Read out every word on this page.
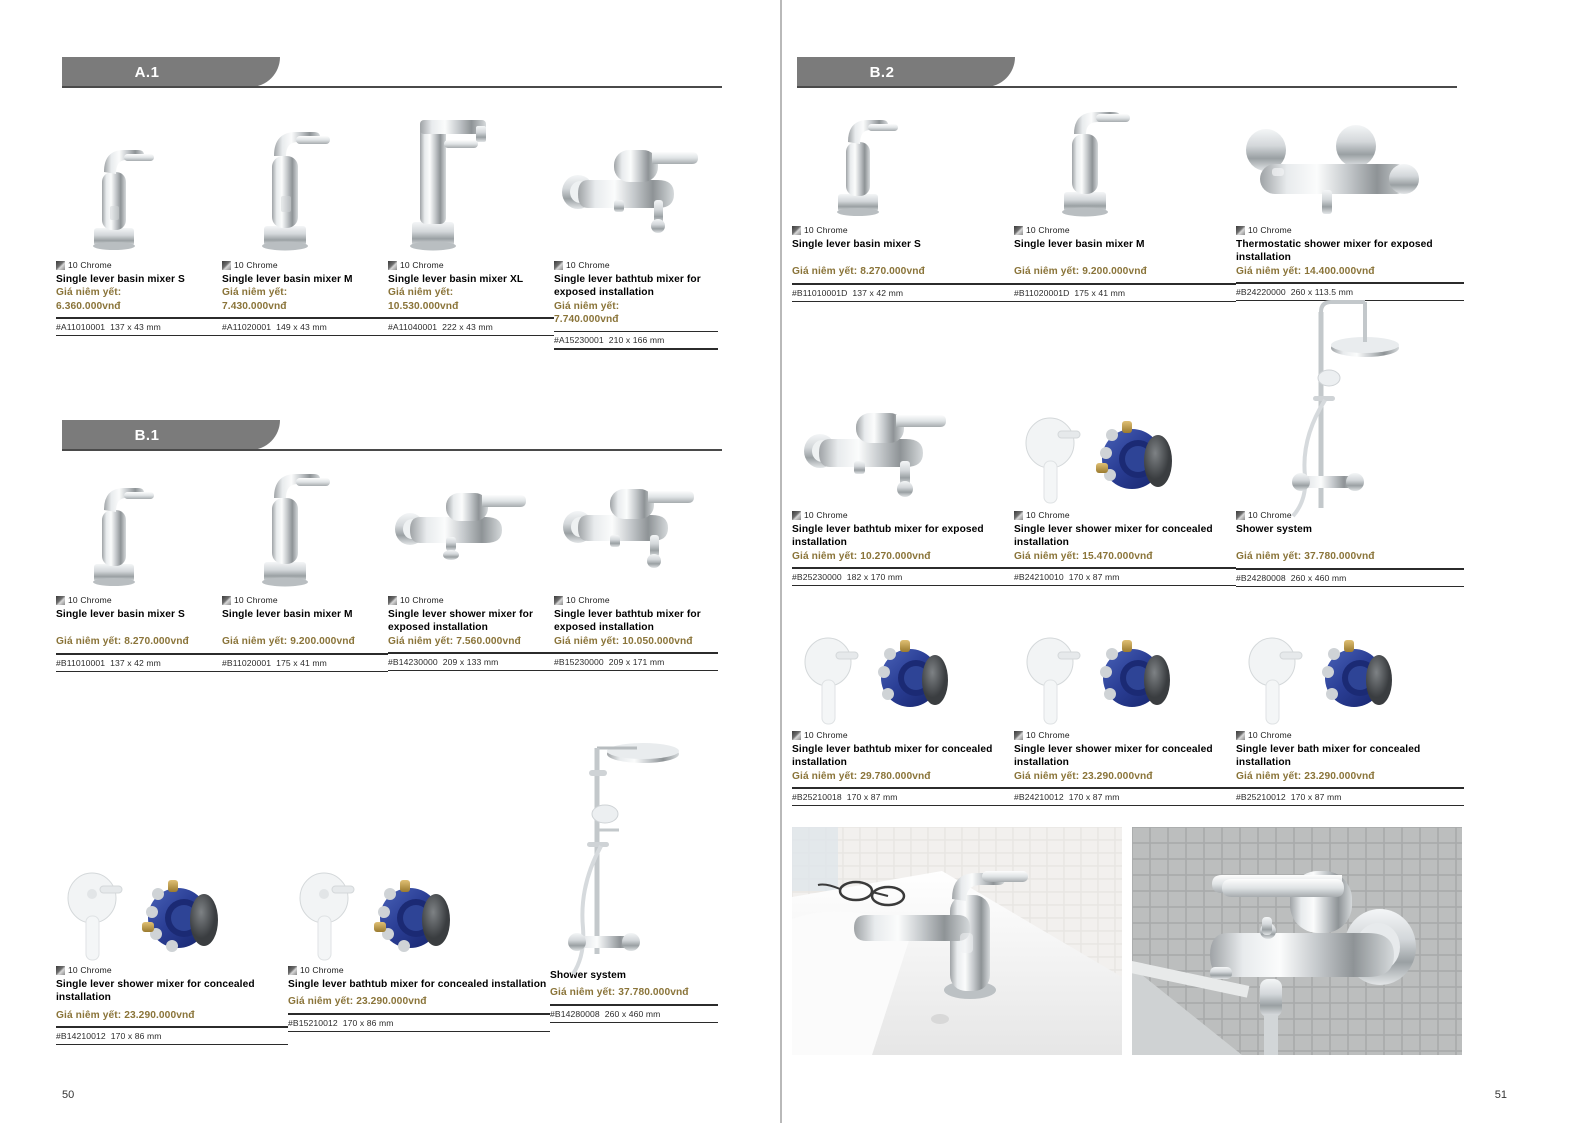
A.1
10 Chrome
Single lever basin mixer S
Giá niêm yết:
6.360.000vnđ
#A11010001 137 x 43 mm
10 Chrome
Single lever basin mixer M
Giá niêm yết:
7.430.000vnđ
#A11020001 149 x 43 mm
10 Chrome
Single lever basin mixer XL
Giá niêm yết:
10.530.000vnđ
#A11040001 222 x 43 mm
10 Chrome
Single lever bathtub mixer for exposed installation
Giá niêm yết:
7.740.000vnđ
#A15230001 210 x 166 mm
B.1
10 Chrome
Single lever basin mixer S
Giá niêm yết: 8.270.000vnđ
#B11010001 137 x 42 mm
10 Chrome
Single lever basin mixer M
Giá niêm yết: 9.200.000vnđ
#B11020001 175 x 41 mm
10 Chrome
Single lever shower mixer for exposed installation
Giá niêm yết: 7.560.000vnđ
#B14230000 209 x 133 mm
10 Chrome
Single lever bathtub mixer for exposed installation
Giá niêm yết: 10.050.000vnđ
#B15230000 209 x 171 mm
10 Chrome
Single lever shower mixer for concealed installation
Giá niêm yết: 23.290.000vnđ
#B14210012 170 x 86 mm
10 Chrome
Single lever bathtub mixer for concealed installation
Giá niêm yết: 23.290.000vnđ
#B15210012 170 x 86 mm
Shower system
Giá niêm yết: 37.780.000vnđ
#B14280008 260 x 460 mm
50
B.2
10 Chrome
Single lever basin mixer S
Giá niêm yết: 8.270.000vnđ
#B11010001D 137 x 42 mm
10 Chrome
Single lever basin mixer M
Giá niêm yết: 9.200.000vnđ
#B11020001D 175 x 41 mm
10 Chrome
Thermostatic shower mixer for exposed installation
Giá niêm yết: 14.400.000vnđ
#B24220000 260 x 113.5 mm
10 Chrome
Single lever bathtub mixer for exposed installation
Giá niêm yết: 10.270.000vnđ
#B25230000 182 x 170 mm
10 Chrome
Single lever shower mixer for concealed installation
Giá niêm yết: 15.470.000vnđ
#B24210010 170 x 87 mm
10 Chrome
Shower system
Giá niêm yết: 37.780.000vnđ
#B24280008 260 x 460 mm
10 Chrome
Single lever bathtub mixer for concealed installation
Giá niêm yết: 29.780.000vnđ
#B25210018 170 x 87 mm
10 Chrome
Single lever shower mixer for concealed installation
Giá niêm yết: 23.290.000vnđ
#B24210012 170 x 87 mm
10 Chrome
Single lever bath mixer for concealed installation
Giá niêm yết: 23.290.000vnđ
#B25210012 170 x 87 mm
51
